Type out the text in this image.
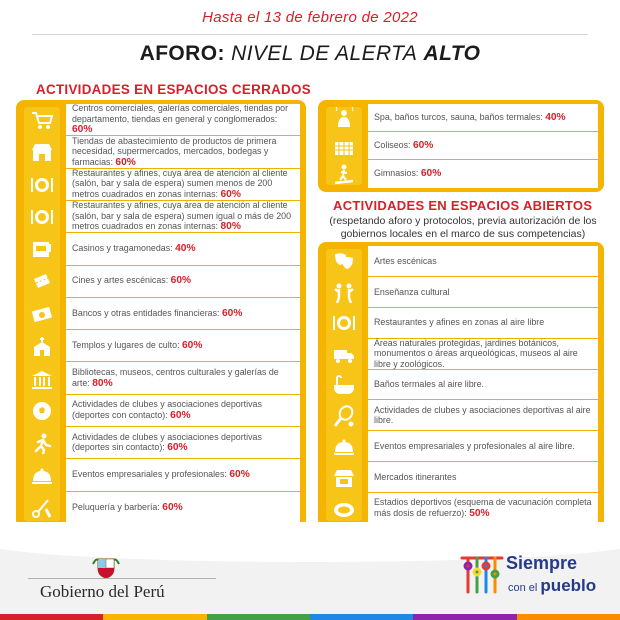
Hasta el 13 de febrero de 2022
AFORO: NIVEL DE ALERTA ALTO
ACTIVIDADES EN ESPACIOS CERRADOS
Centros comerciales, galerías comerciales, tiendas por departamento, tiendas en general y conglomerados: 60%
Tiendas de abastecimiento de productos de primera necesidad, supermercados, mercados, bodegas y farmacias: 60%
Restaurantes y afines, cuya área de atención al cliente (salón, bar y sala de espera) sumen menos de 200 metros cuadrados en zonas internas: 60%
Restaurantes y afines, cuya área de atención al cliente (salón, bar y sala de espera) sumen igual o más de 200 metros cuadrados en zonas internas: 80%
Casinos y tragamonedas: 40%
Cines y artes escénicas: 60%
Bancos y otras entidades financieras: 60%
Templos y lugares de culto: 60%
Bibliotecas, museos, centros culturales y galerías de arte: 80%
Actividades de clubes y asociaciones deportivas (deportes con contacto): 60%
Actividades de clubes y asociaciones deportivas (deportes sin contacto): 60%
Eventos empresariales y profesionales: 60%
Peluquería y barbería: 60%
Spa, baños turcos, sauna, baños termales: 40%
Coliseos: 60%
Gimnasios: 60%
ACTIVIDADES EN ESPACIOS ABIERTOS
(respetando aforo y protocolos, previa autorización de los gobiernos locales en el marco de sus competencias)
Artes escénicas
Enseñanza cultural
Restaurantes y afines en zonas al aire libre
Áreas naturales protegidas, jardines botánicos, monumentos o áreas arqueológicas, museos al aire libre y zoológicos.
Baños termales al aire libre.
Actividades de clubes y asociaciones deportivas al aire libre.
Eventos empresariales y profesionales al aire libre.
Mercados itinerantes
Estadios deportivos (esquema de vacunación completa más dosis de refuerzo): 50%
Gobierno del Perú
Siempre
con el pueblo
